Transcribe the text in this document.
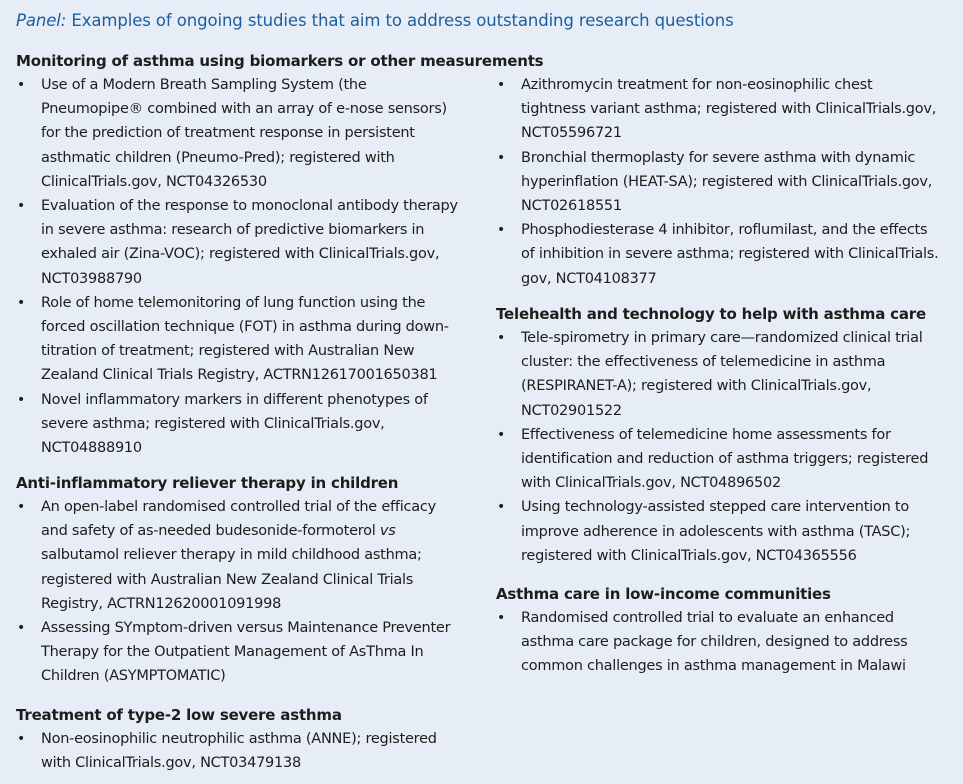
Panel: Examples of ongoing studies that aim to address outstanding research questions
Monitoring of asthma using biomarkers or other measurements
• Use of a Modern Breath Sampling System (the
Pneumopipe® combined with an array of e-nose sensors)
for the prediction of treatment response in persistent
asthmatic children (Pneumo-Pred); registered with
ClinicalTrials.gov, NCT04326530
• Evaluation of the response to monoclonal antibody therapy
in severe asthma: research of predictive biomarkers in
exhaled air (Zina-VOC); registered with ClinicalTrials.gov,
NCT03988790
• Role of home telemonitoring of lung function using the
forced oscillation technique (FOT) in asthma during down-
titration of treatment; registered with Australian New
Zealand Clinical Trials Registry, ACTRN12617001650381
• Novel inflammatory markers in different phenotypes of
severe asthma; registered with ClinicalTrials.gov,
NCT04888910
Anti-inflammatory reliever therapy in children
• An open-label randomised controlled trial of the efficacy
and safety of as-needed budesonide-formoterol vs
salbutamol reliever therapy in mild childhood asthma;
registered with Australian New Zealand Clinical Trials
Registry, ACTRN12620001091998
• Assessing SYmptom-driven versus Maintenance Preventer
Therapy for the Outpatient Management of AsThma In
Children (ASYMPTOMATIC)
Treatment of type-2 low severe asthma
• Non-eosinophilic neutrophilic asthma (ANNE); registered
with ClinicalTrials.gov, NCT03479138
• Azithromycin treatment for non-eosinophilic chest
tightness variant asthma; registered with ClinicalTrials.gov,
NCT05596721
• Bronchial thermoplasty for severe asthma with dynamic
hyperinflation (HEAT-SA); registered with ClinicalTrials.gov,
NCT02618551
• Phosphodiesterase 4 inhibitor, roflumilast, and the effects
of inhibition in severe asthma; registered with ClinicalTrials.
gov, NCT04108377
Telehealth and technology to help with asthma care
• Tele-spirometry in primary care—randomized clinical trial
cluster: the effectiveness of telemedicine in asthma
(RESPIRANET-A); registered with ClinicalTrials.gov,
NCT02901522
• Effectiveness of telemedicine home assessments for
identification and reduction of asthma triggers; registered
with ClinicalTrials.gov, NCT04896502
• Using technology-assisted stepped care intervention to
improve adherence in adolescents with asthma (TASC);
registered with ClinicalTrials.gov, NCT04365556
Asthma care in low-income communities
• Randomised controlled trial to evaluate an enhanced
asthma care package for children, designed to address
common challenges in asthma management in Malawi
